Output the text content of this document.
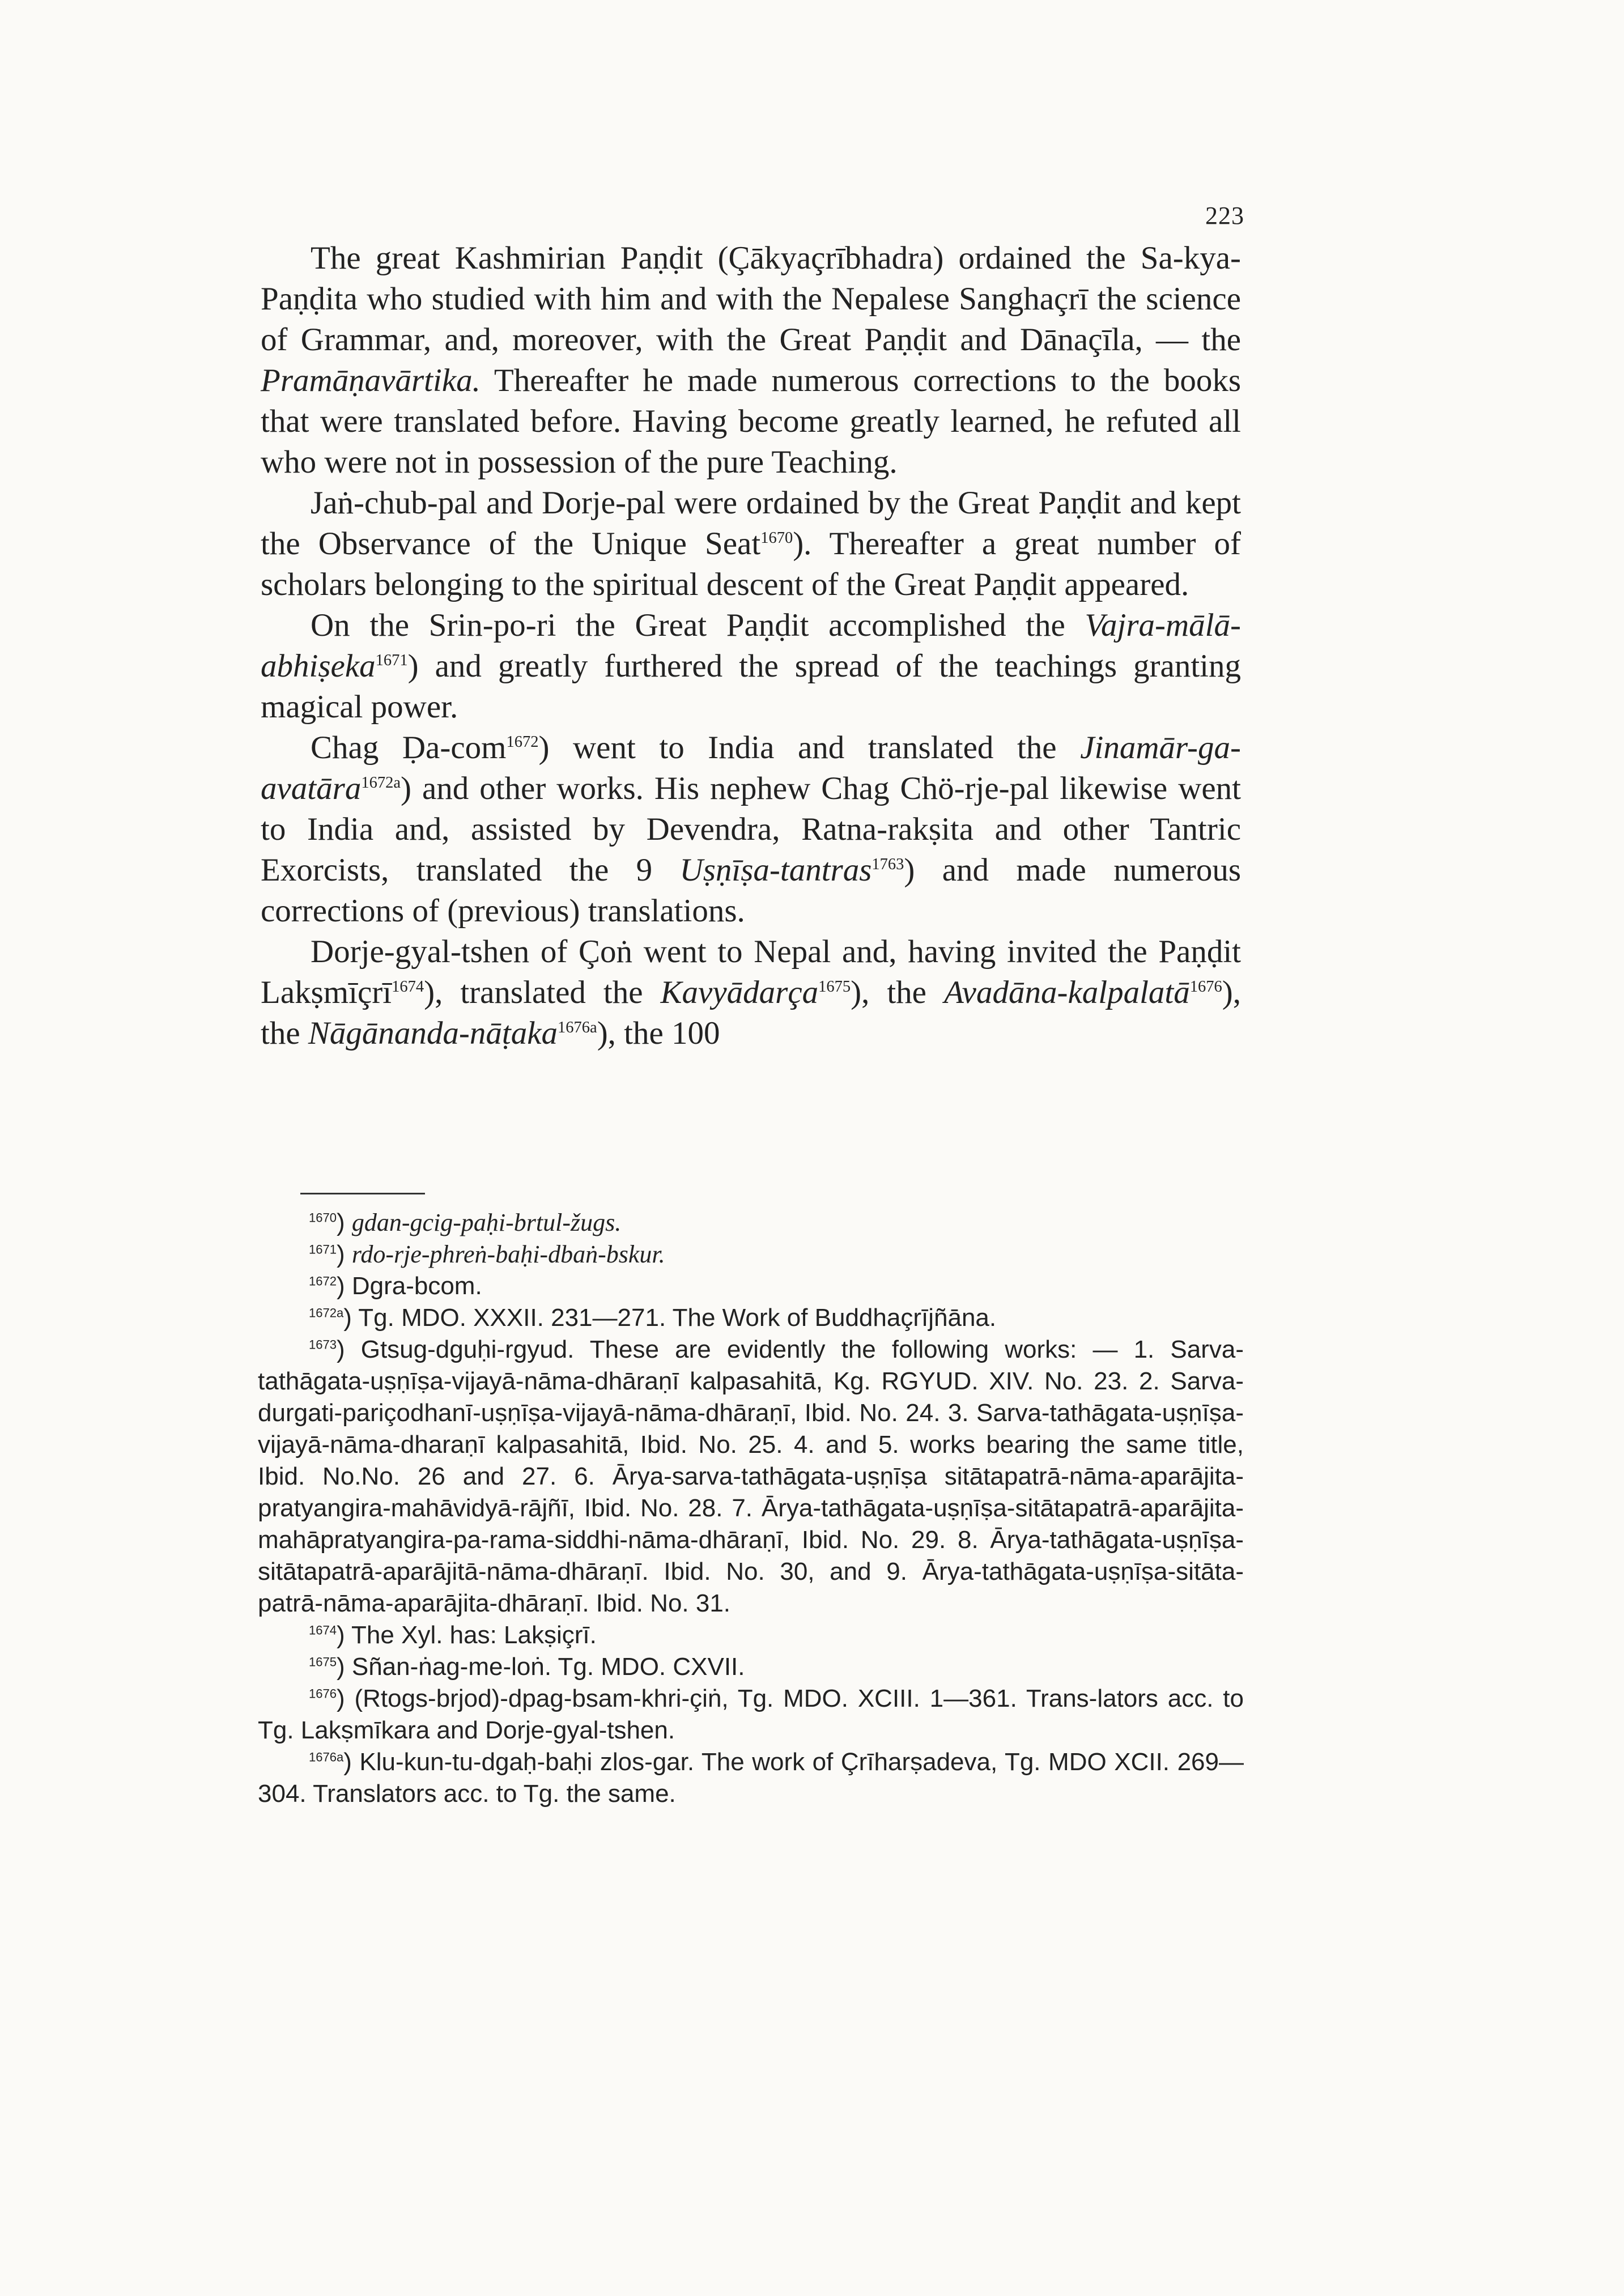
223

The great Kashmirian Paṇḍit (Çākyaçrībhadra) ordained the Sa-kya-Paṇḍita who studied with him and with the Nepalese Sanghaçrī the science of Grammar, and, moreover, with the Great Paṇḍit and Dānaçīla, — the Pramāṇavārtika. Thereafter he made numerous corrections to the books that were translated before. Having become greatly learned, he refuted all who were not in possession of the pure Teaching.

Jaṅ-chub-pal and Dorje-pal were ordained by the Great Paṇḍit and kept the Observance of the Unique Seat$^{1670}$). Thereafter a great number of scholars belonging to the spiritual descent of the Great Paṇḍit appeared.

On the Srin-po-ri the Great Paṇḍit accomplished the Vajra-mālā-abhiṣeka$^{1671}$) and greatly furthered the spread of the teachings granting magical power.

Chag Ḍa-com$^{1672}$) went to India and translated the Jinamār-ga-avatāra$^{1672a}$) and other works. His nephew Chag Chö-rje-pal likewise went to India and, assisted by Devendra, Ratna-rakṣita and other Tantric Exorcists, translated the 9 Uṣṇīṣa-tantras$^{1763}$) and made numerous corrections of (previous) translations.

Dorje-gyal-tshen of Çoṅ went to Nepal and, having invited the Paṇḍit Lakṣmīçrī$^{1674}$), translated the Kavyādarça$^{1675}$), the Avadāna-kalpalatā$^{1676}$), the Nāgānanda-nāṭaka$^{1676a}$), the 100

$^{1670}$) gdan-gcig-paḥi-brtul-žugs.

$^{1671}$) rdo-rje-phreṅ-baḥi-dbaṅ-bskur.

$^{1672}$) Dgra-bcom.

$^{1672a}$) Tg. MDO. XXXII. 231—271. The Work of Buddhaçrījñāna.

$^{1673}$) Gtsug-dguḥi-rgyud. These are evidently the following works: — 1. Sarva-tathāgata-uṣṇīṣa-vijayā-nāma-dhāraṇī kalpasahitā, Kg. RGYUD. XIV. No. 23. 2. Sarva-durgati-pariçodhanī-uṣṇīṣa-vijayā-nāma-dhāraṇī, Ibid. No. 24. 3. Sarva-tathāgata-uṣṇīṣa-vijayā-nāma-dharaṇī kalpasahitā, Ibid. No. 25. 4. and 5. works bearing the same title, Ibid. No.No. 26 and 27. 6. Ārya-sarva-tathāgata-uṣṇīṣa sitātapatrā-nāma-aparājita-pratyangira-mahāvidyā-rājñī, Ibid. No. 28. 7. Ārya-tathāgata-uṣṇīṣa-sitātapatrā-aparājita-mahāpratyangira-pa-rama-siddhi-nāma-dhāraṇī, Ibid. No. 29. 8. Ārya-tathāgata-uṣṇīṣa-sitātapatrā-aparājitā-nāma-dhāraṇī. Ibid. No. 30, and 9. Ārya-tathāgata-uṣṇīṣa-sitāta-patrā-nāma-aparājita-dhāraṇī. Ibid. No. 31.

$^{1674}$) The Xyl. has: Lakṣiçrī.

$^{1675}$) Sñan-ṅag-me-loṅ. Tg. MDO. CXVII.

$^{1676}$) (Rtogs-brjod)-dpag-bsam-khri-çiṅ, Tg. MDO. XCIII. 1—361. Trans-lators acc. to Tg. Lakṣmīkara and Dorje-gyal-tshen.

$^{1676a}$) Klu-kun-tu-dgaḥ-baḥi zlos-gar. The work of Çrīharṣadeva, Tg. MDO XCII. 269—304. Translators acc. to Tg. the same.
